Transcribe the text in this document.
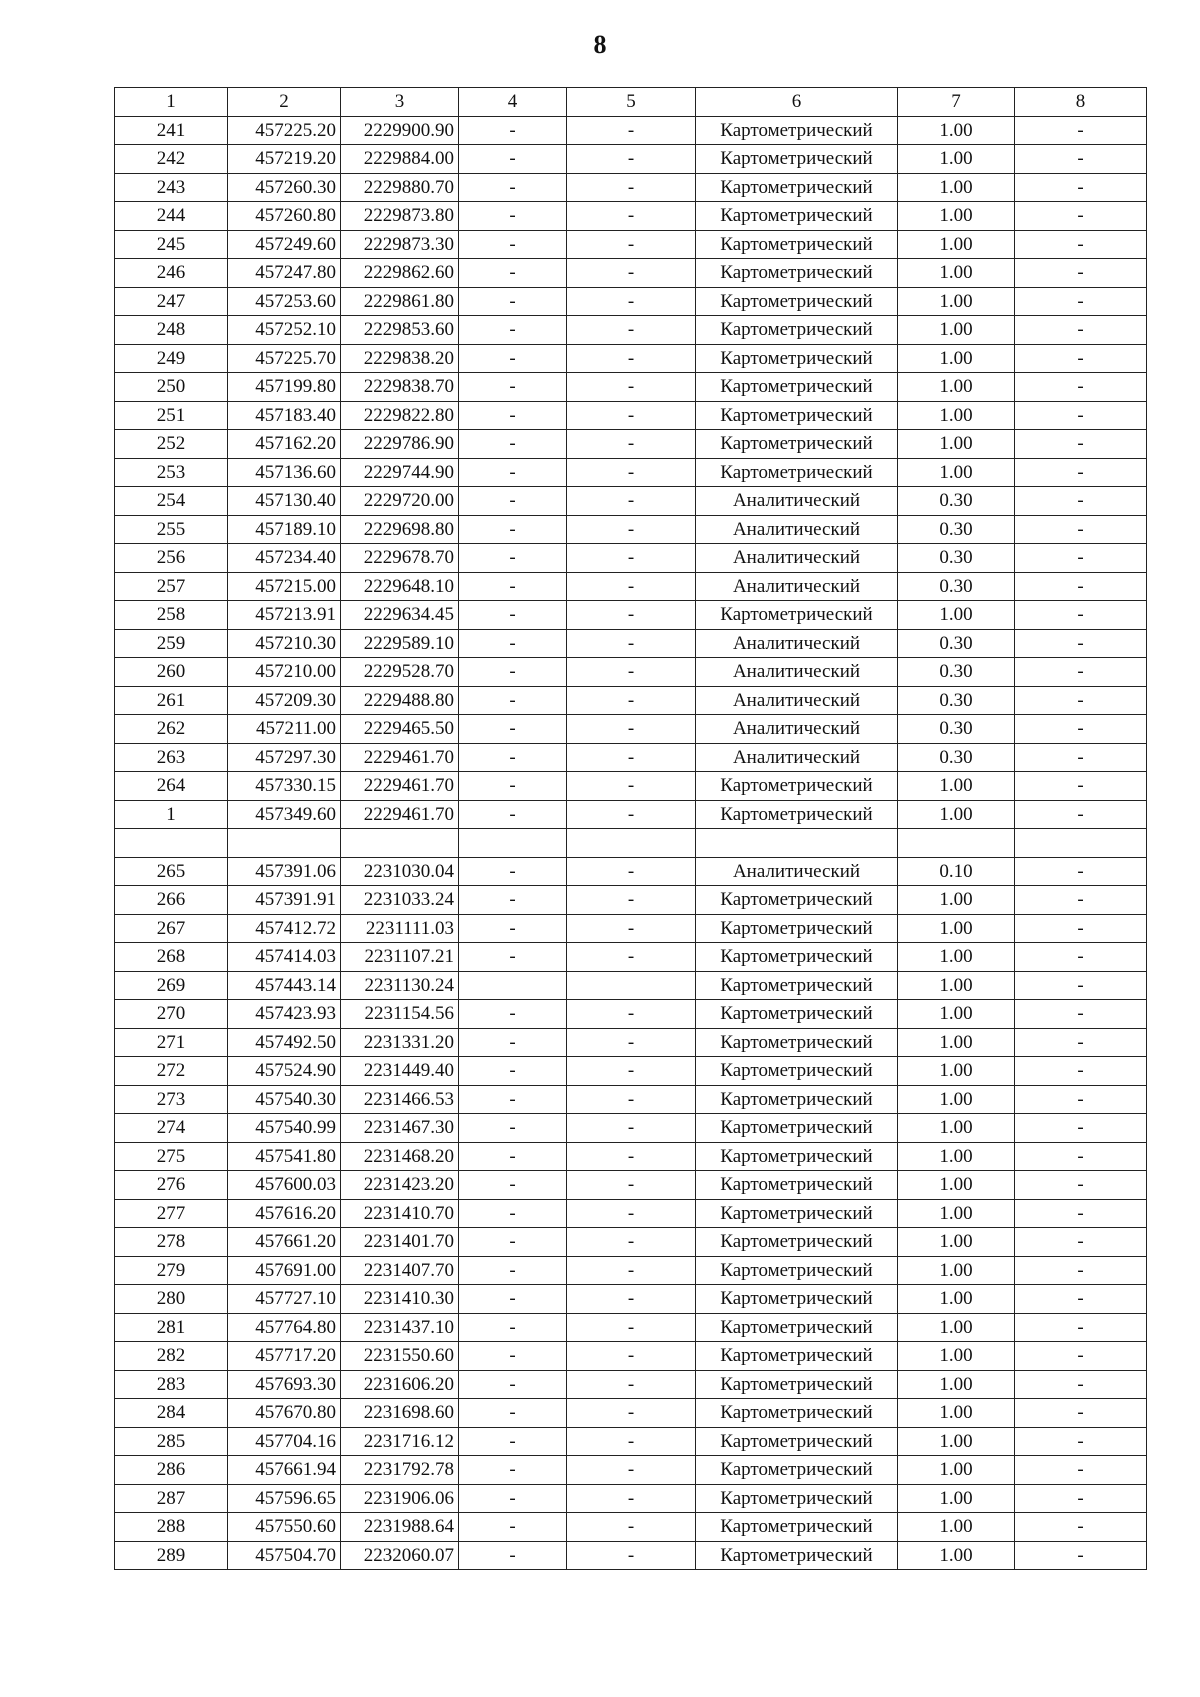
8
1	2	3	4	5	6	7	8
241	457225.20	2229900.90	-	-	Картометрический	1.00	-
242	457219.20	2229884.00	-	-	Картометрический	1.00	-
243	457260.30	2229880.70	-	-	Картометрический	1.00	-
244	457260.80	2229873.80	-	-	Картометрический	1.00	-
245	457249.60	2229873.30	-	-	Картометрический	1.00	-
246	457247.80	2229862.60	-	-	Картометрический	1.00	-
247	457253.60	2229861.80	-	-	Картометрический	1.00	-
248	457252.10	2229853.60	-	-	Картометрический	1.00	-
249	457225.70	2229838.20	-	-	Картометрический	1.00	-
250	457199.80	2229838.70	-	-	Картометрический	1.00	-
251	457183.40	2229822.80	-	-	Картометрический	1.00	-
252	457162.20	2229786.90	-	-	Картометрический	1.00	-
253	457136.60	2229744.90	-	-	Картометрический	1.00	-
254	457130.40	2229720.00	-	-	Аналитический	0.30	-
255	457189.10	2229698.80	-	-	Аналитический	0.30	-
256	457234.40	2229678.70	-	-	Аналитический	0.30	-
257	457215.00	2229648.10	-	-	Аналитический	0.30	-
258	457213.91	2229634.45	-	-	Картометрический	1.00	-
259	457210.30	2229589.10	-	-	Аналитический	0.30	-
260	457210.00	2229528.70	-	-	Аналитический	0.30	-
261	457209.30	2229488.80	-	-	Аналитический	0.30	-
262	457211.00	2229465.50	-	-	Аналитический	0.30	-
263	457297.30	2229461.70	-	-	Аналитический	0.30	-
264	457330.15	2229461.70	-	-	Картометрический	1.00	-
1	457349.60	2229461.70	-	-	Картометрический	1.00	-

265	457391.06	2231030.04	-	-	Аналитический	0.10	-
266	457391.91	2231033.24	-	-	Картометрический	1.00	-
267	457412.72	2231111.03	-	-	Картометрический	1.00	-
268	457414.03	2231107.21	-	-	Картометрический	1.00	-
269	457443.14	2231130.24			Картометрический	1.00	-
270	457423.93	2231154.56	-	-	Картометрический	1.00	-
271	457492.50	2231331.20	-	-	Картометрический	1.00	-
272	457524.90	2231449.40	-	-	Картометрический	1.00	-
273	457540.30	2231466.53	-	-	Картометрический	1.00	-
274	457540.99	2231467.30	-	-	Картометрический	1.00	-
275	457541.80	2231468.20	-	-	Картометрический	1.00	-
276	457600.03	2231423.20	-	-	Картометрический	1.00	-
277	457616.20	2231410.70	-	-	Картометрический	1.00	-
278	457661.20	2231401.70	-	-	Картометрический	1.00	-
279	457691.00	2231407.70	-	-	Картометрический	1.00	-
280	457727.10	2231410.30	-	-	Картометрический	1.00	-
281	457764.80	2231437.10	-	-	Картометрический	1.00	-
282	457717.20	2231550.60	-	-	Картометрический	1.00	-
283	457693.30	2231606.20	-	-	Картометрический	1.00	-
284	457670.80	2231698.60	-	-	Картометрический	1.00	-
285	457704.16	2231716.12	-	-	Картометрический	1.00	-
286	457661.94	2231792.78	-	-	Картометрический	1.00	-
287	457596.65	2231906.06	-	-	Картометрический	1.00	-
288	457550.60	2231988.64	-	-	Картометрический	1.00	-
289	457504.70	2232060.07	-	-	Картометрический	1.00	-
